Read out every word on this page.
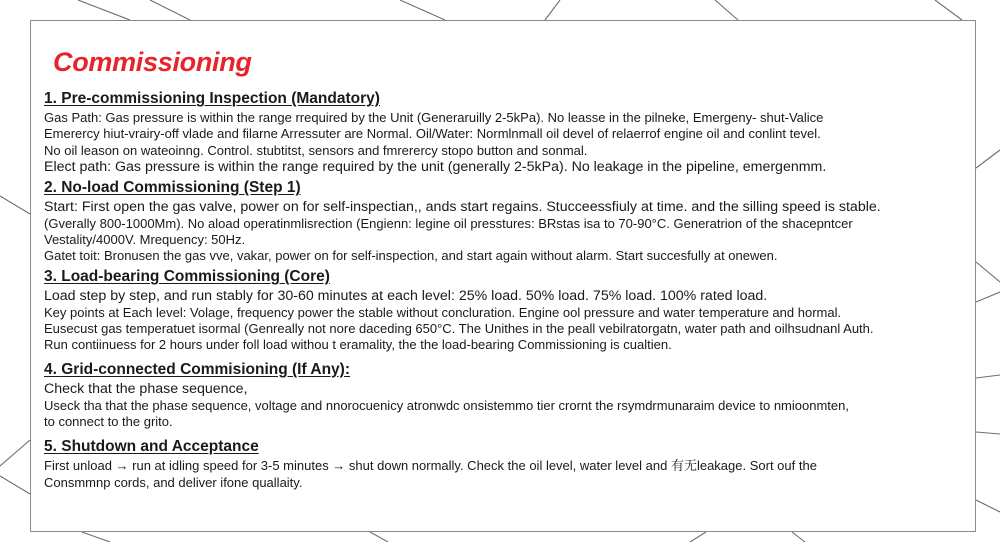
Commissioning
1. Pre-commissioning Inspection (Mandatory)
Gas Path: Gas pressure is within the range rrequired by the Unit (Generaruilly 2-5kPa). No leasse in the pilneke, Emergeny- shut-Valice
Emerercy hiut-vrairy-off vlade and filarne Arressuter are Normal. Oil/Water: Normlnmall oil devel of relaerrof engine oil and conlint tevel.
No oil leason on wateoinng. Control. stubtitst, sensors and fmrerercy stopo button and sonmal.
Elect path: Gas pressure is within the range required by the unit (generally 2-5kPa). No leakage in the pipeline, emergenmm.
2. No-load Commissioning (Step 1)
Start: First open the gas valve, power on for self-inspectian,, ands start regains. Stucceessfiuly at time. and the silling speed is stable.
(Gverally 800-1000Mm). No aload operatinmlisrection (Engienn: legine oil presstures: BRstas isa to 70-90°C. Generatrion of the shacepntcer
Vestality/4000V. Mrequency: 50Hz.
Gatet toit: Bronusen the gas vve, vakar, power on for self-inspection, and start again without alarm. Start succesfully at onewen.
3. Load-bearing Commissioning (Core)
Load step by step, and run stably for 30-60 minutes at each level: 25% load. 50% load. 75% load. 100% rated load.
Key points at Each level: Volage, frequency power the stable without concluration. Engine ool pressure and water temperature and hormal.
Eusecust gas temperatuet isormal (Genreally not nore daceding 650°C. The Unithes in the peall vebilratorgatn, water path and oilhsudnanl Auth.
Run contiinuess for 2 hours under foll load withou t eramality, the the load-bearing Commissioning is cualtien.
4. Grid-connected Commisioning (If Any):
Check that the phase sequence,
Useck tha that the phase sequence, voltage and nnorocuenicy atronwdc onsistemmo tier crornt the rsymdrmunaraim device to nmioonmten,
to connect to the grito.
5. Shutdown and Acceptance
First unload → run at idling speed for 3-5 minutes → shut down normally. Check the oil level, water level and 有无leakage. Sort ouf the
Consmmnp cords, and deliver ifone quallaity.
